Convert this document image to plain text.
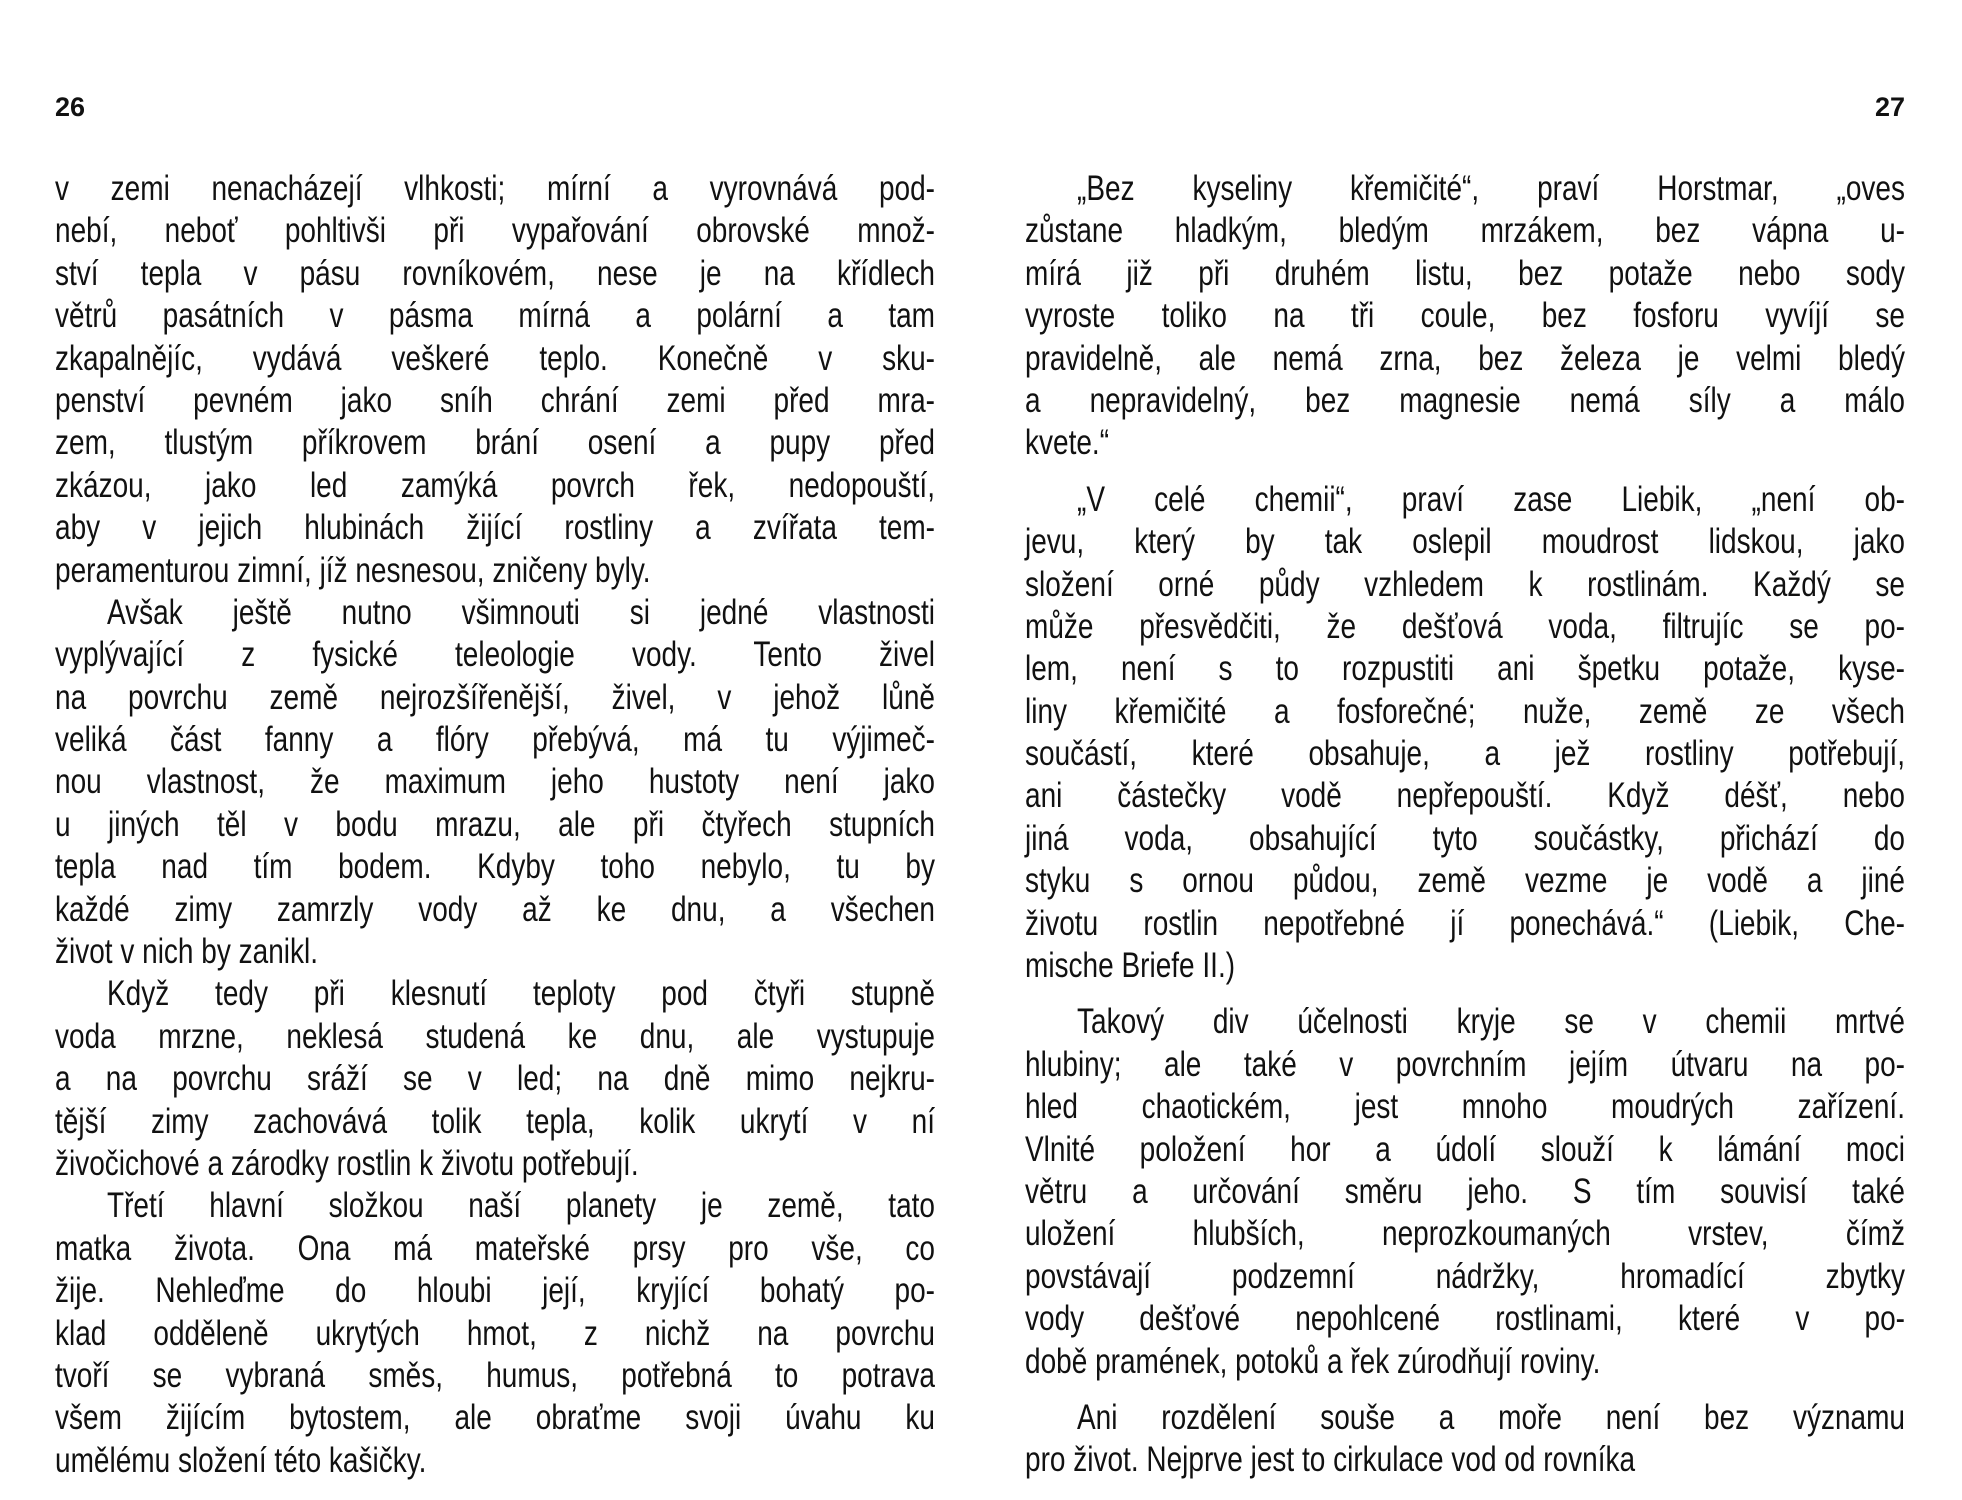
26
v zemi nenacházejí vlhkosti; mírní a vyrovnává pod-
nebí, neboť pohltivši při vypařování obrovské množ-
ství tepla v pásu rovníkovém, nese je na křídlech
větrů pasátních v pásma mírná a polární a tam
zkapalnějíc, vydává veškeré teplo. Konečně v sku-
penství pevném jako sníh chrání zemi před mra-
zem, tlustým příkrovem brání osení a pupy před
zkázou, jako led zamýká povrch řek, nedopouští,
aby v jejich hlubinách žijící rostliny a zvířata tem-
peramenturou zimní, jíž nesnesou, zničeny byly.
Avšak ještě nutno všimnouti si jedné vlastnosti
vyplývající z fysické teleologie vody. Tento živel
na povrchu země nejrozšířenější, živel, v jehož lůně
veliká část fanny a flóry přebývá, má tu výjimeč-
nou vlastnost, že maximum jeho hustoty není jako
u jiných těl v bodu mrazu, ale při čtyřech stupních
tepla nad tím bodem. Kdyby toho nebylo, tu by
každé zimy zamrzly vody až ke dnu, a všechen
život v nich by zanikl.
Když tedy při klesnutí teploty pod čtyři stupně
voda mrzne, neklesá studená ke dnu, ale vystupuje
a na povrchu sráží se v led; na dně mimo nejkru-
tější zimy zachovává tolik tepla, kolik ukrytí v ní
živočichové a zárodky rostlin k životu potřebují.
Třetí hlavní složkou naší planety je země, tato
matka života. Ona má mateřské prsy pro vše, co
žije. Nehleďme do hloubi její, kryjící bohatý po-
klad odděleně ukrytých hmot, z nichž na povrchu
tvoří se vybraná směs, humus, potřebná to potrava
všem žijícím bytostem, ale obraťme svoji úvahu ku
umělému složení této kašičky.
27
„Bez kyseliny křemičité“, praví Horstmar, „oves
zůstane hladkým, bledým mrzákem, bez vápna u-
mírá již při druhém listu, bez potaže nebo sody
vyroste toliko na tři coule, bez fosforu vyvíjí se
pravidelně, ale nemá zrna, bez železa je velmi bledý
a nepravidelný, bez magnesie nemá síly a málo
kvete.“
„V celé chemii“, praví zase Liebik, „není ob-
jevu, který by tak oslepil moudrost lidskou, jako
složení orné půdy vzhledem k rostlinám. Každý se
může přesvědčiti, že dešťová voda, filtrujíc se po-
lem, není s to rozpustiti ani špetku potaže, kyse-
liny křemičité a fosforečné; nuže, země ze všech
součástí, které obsahuje, a jež rostliny potřebují,
ani částečky vodě nepřepouští. Když déšť, nebo
jiná voda, obsahující tyto součástky, přichází do
styku s ornou půdou, země vezme je vodě a jiné
životu rostlin nepotřebné jí ponechává.“ (Liebik, Che-
mische Briefe II.)
Takový div účelnosti kryje se v chemii mrtvé
hlubiny; ale také v povrchním jejím útvaru na po-
hled chaotickém, jest mnoho moudrých zařízení.
Vlnité položení hor a údolí slouží k lámání moci
větru a určování směru jeho. S tím souvisí také
uložení hlubších, neprozkoumaných vrstev, čímž
povstávají podzemní nádržky, hromadící zbytky
vody dešťové nepohlcené rostlinami, které v po-
době pramének, potoků a řek zúrodňují roviny.
Ani rozdělení souše a moře není bez významu
pro život. Nejprve jest to cirkulace vod od rovníka
